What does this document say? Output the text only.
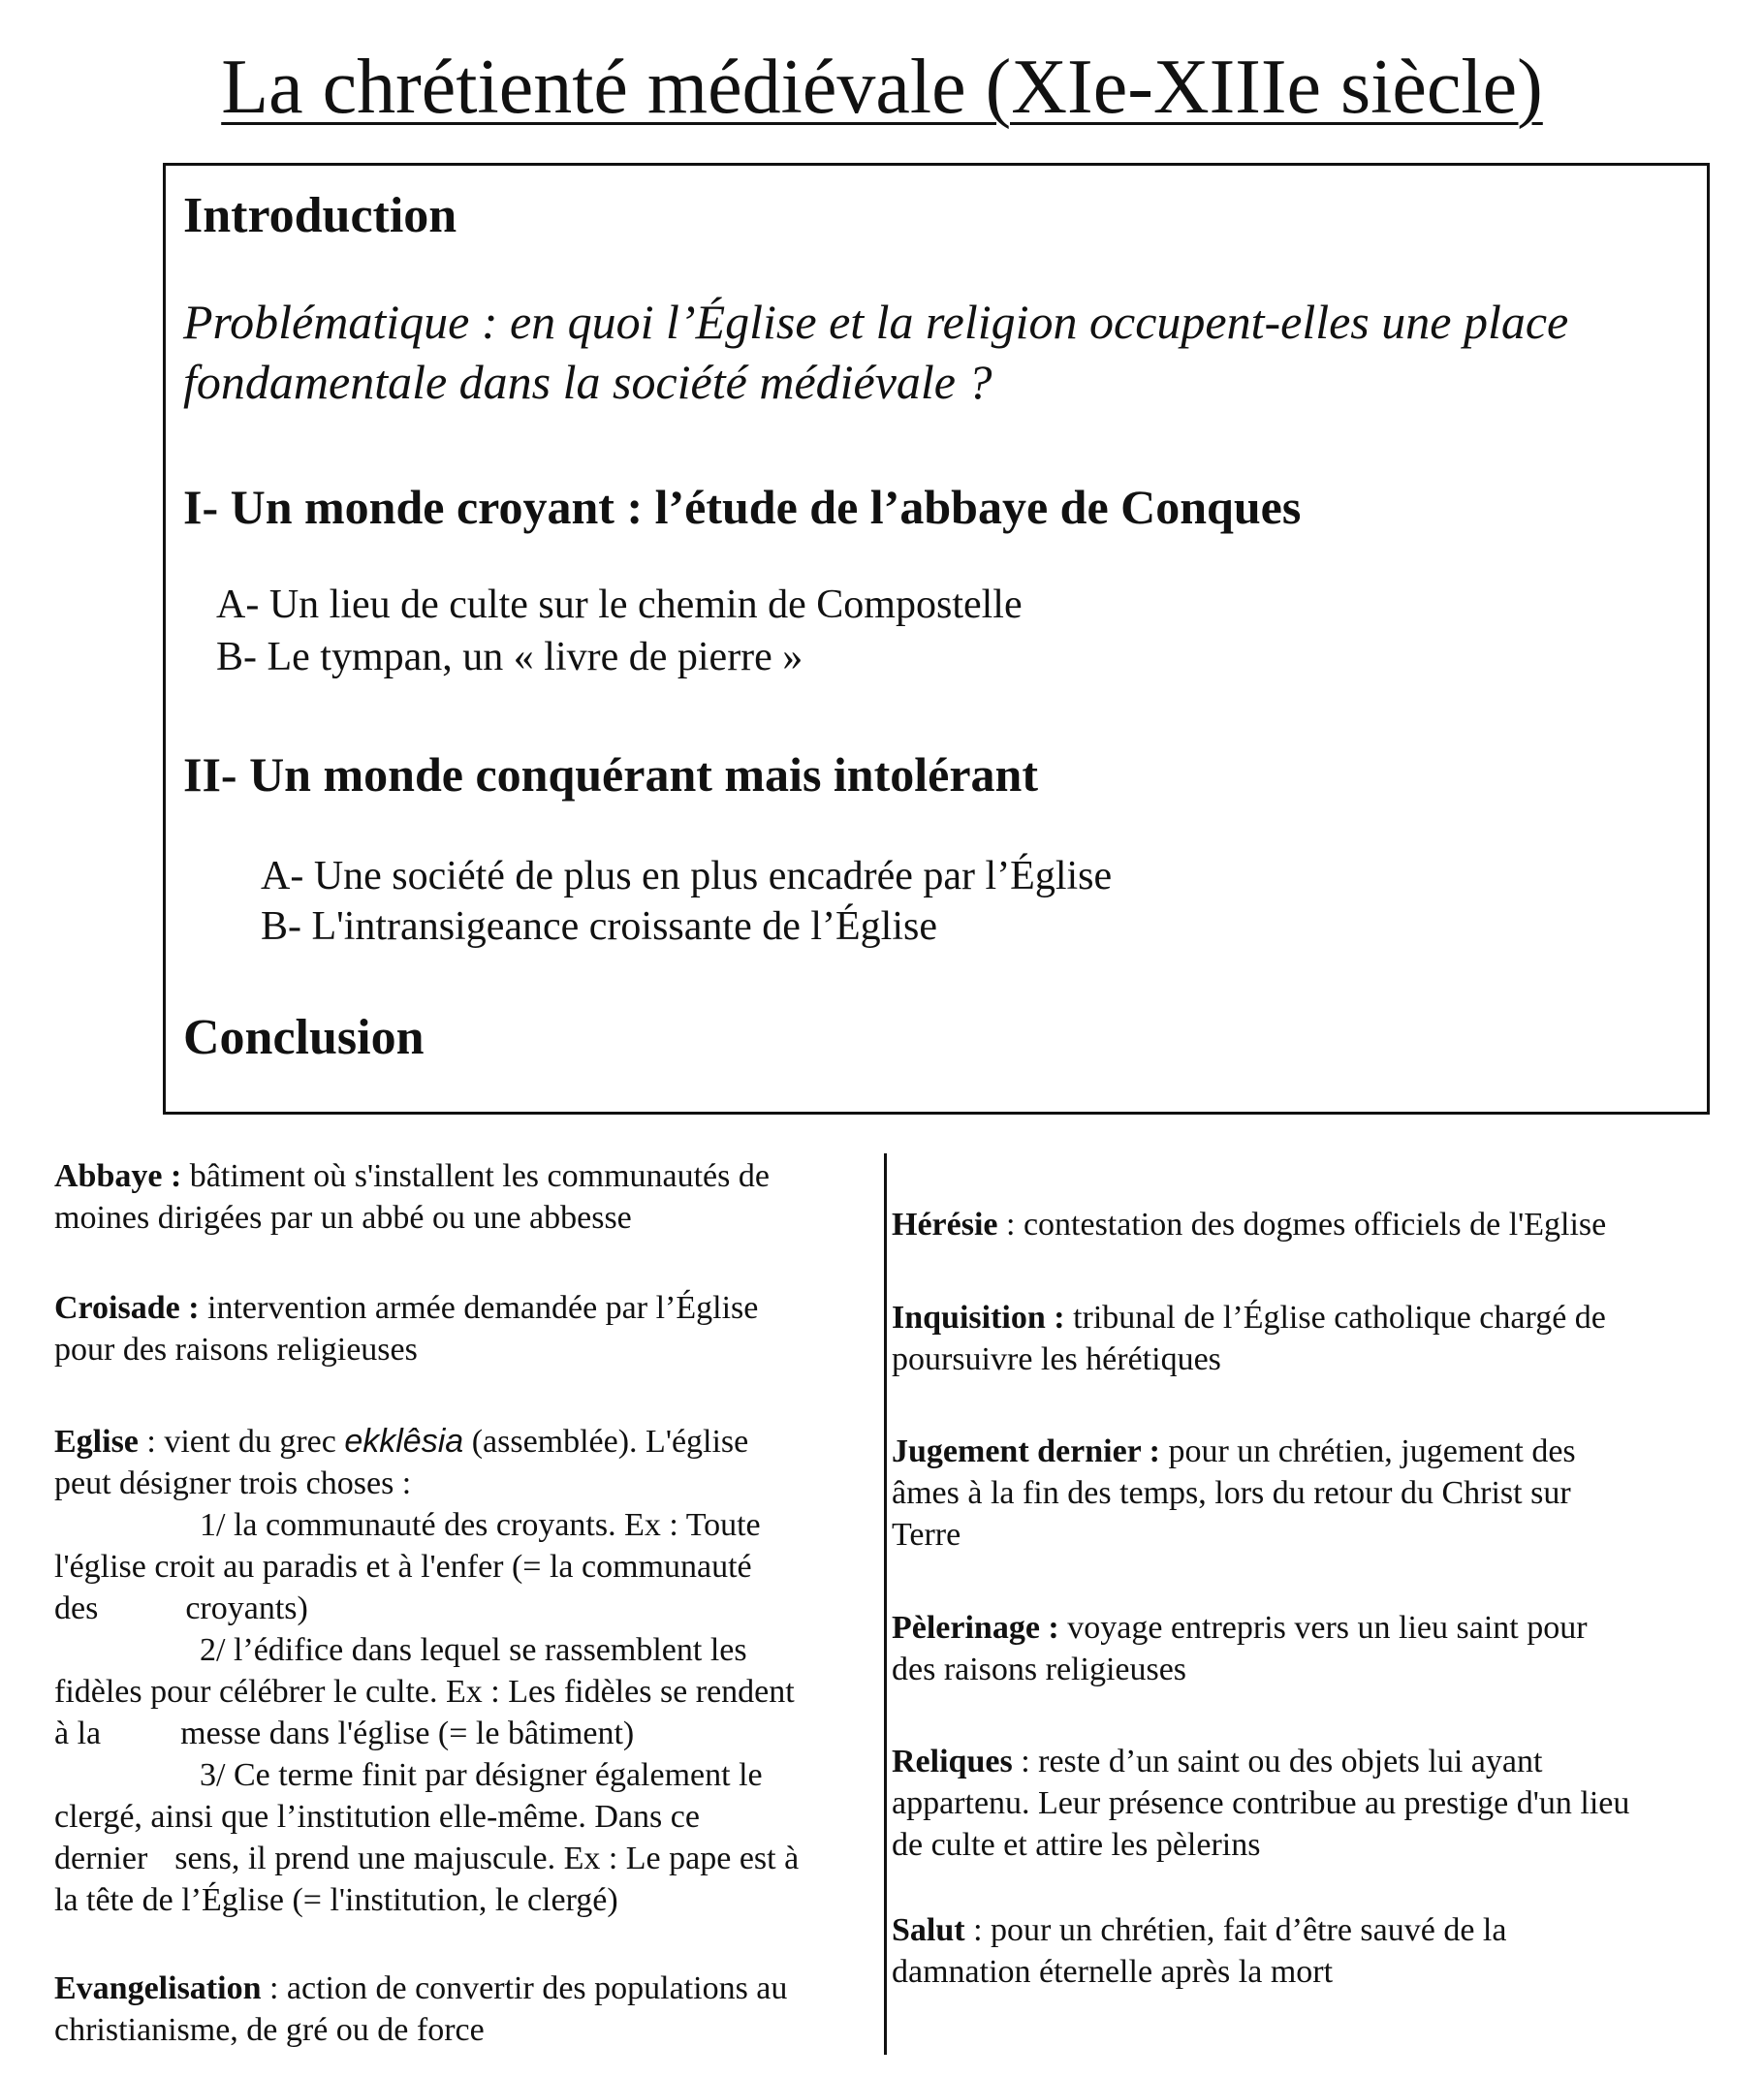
La chrétienté médiévale (XIe-XIIIe siècle)
Introduction
Problématique : en quoi l’Église et la religion occupent-elles une place
fondamentale dans la société médiévale ?
I- Un monde croyant : l’étude de l’abbaye de Conques
A- Un lieu de culte sur le chemin de Compostelle
B- Le tympan, un « livre de pierre »
II- Un monde conquérant mais intolérant
A- Une société de plus en plus encadrée par l’Église
B- L'intransigeance croissante de l’Église
Conclusion
Abbaye : bâtiment où s'installent les communautés de
moines dirigées par un abbé ou une abbesse
Croisade : intervention armée demandée par l’Église
pour des raisons religieuses
Eglise : vient du grec ekklêsia (assemblée). L'église
peut désigner trois choses :
1/ la communauté des croyants. Ex : Toute
l'église croit au paradis et à l'enfer (= la communauté
des	croyants)
2/ l’édifice dans lequel se rassemblent les
fidèles pour célébrer le culte. Ex : Les fidèles se rendent
à la messe dans l'église (= le bâtiment)
3/ Ce terme finit par désigner également le
clergé, ainsi que l’institution elle-même. Dans ce
dernier sens, il prend une majuscule. Ex : Le pape est à
la tête de l’Église (= l'institution, le clergé)
Evangelisation : action de convertir des populations au
christianisme, de gré ou de force
Hérésie : contestation des dogmes officiels de l'Eglise
Inquisition : tribunal de l’Église catholique chargé de
poursuivre les hérétiques
Jugement dernier : pour un chrétien, jugement des
âmes à la fin des temps, lors du retour du Christ sur
Terre
Pèlerinage : voyage entrepris vers un lieu saint pour
des raisons religieuses
Reliques : reste d’un saint ou des objets lui ayant
appartenu. Leur présence contribue au prestige d'un lieu
de culte et attire les pèlerins
Salut : pour un chrétien, fait d’être sauvé de la
damnation éternelle après la mort
